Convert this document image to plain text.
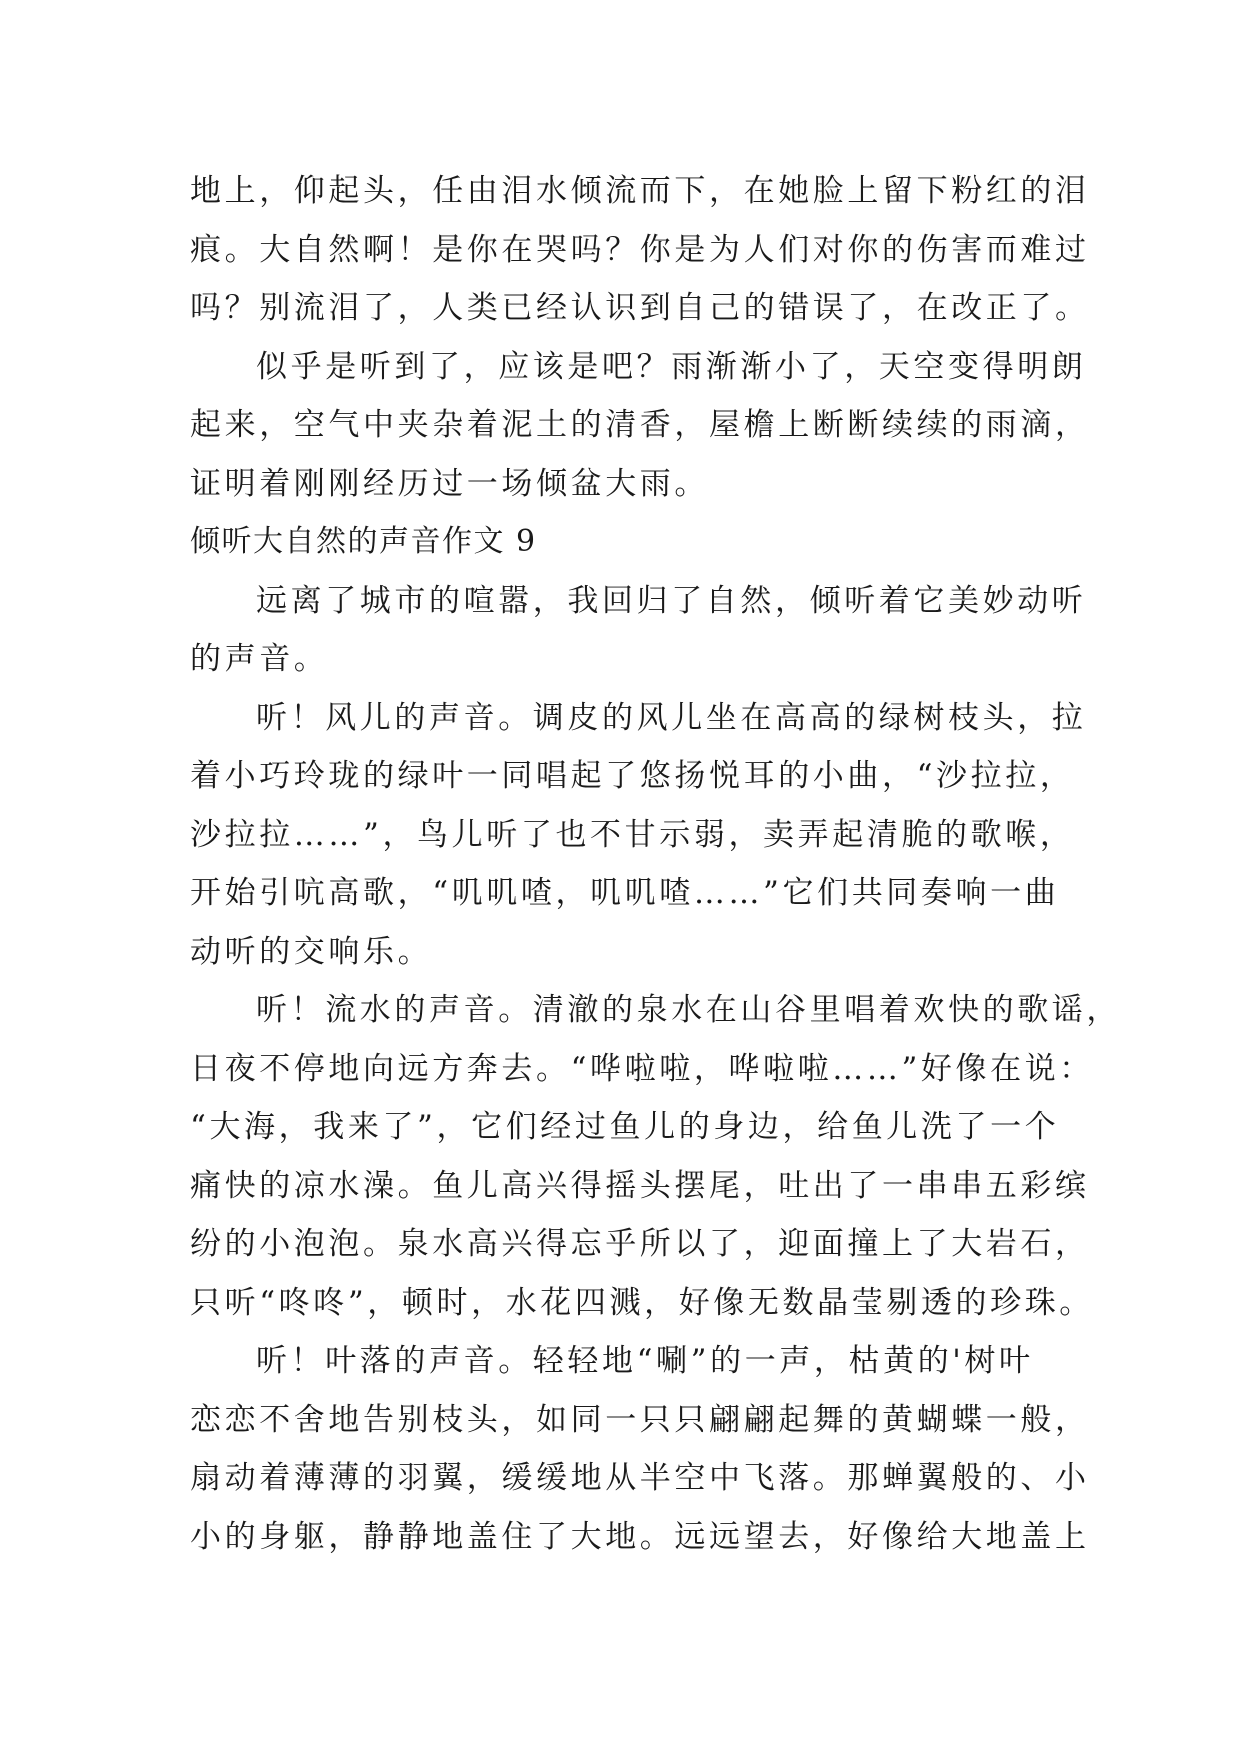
地上，仰起头，任由泪水倾流而下，在她脸上留下粉红的泪
痕。大自然啊！是你在哭吗？你是为人们对你的伤害而难过
吗？别流泪了，人类已经认识到自己的错误了，在改正了。
似乎是听到了，应该是吧？雨渐渐小了，天空变得明朗
起来，空气中夹杂着泥土的清香，屋檐上断断续续的雨滴，
证明着刚刚经历过一场倾盆大雨。
倾听大自然的声音作文 9
远离了城市的喧嚣，我回归了自然，倾听着它美妙动听
的声音。
听！风儿的声音。调皮的风儿坐在高高的绿树枝头，拉
着小巧玲珑的绿叶一同唱起了悠扬悦耳的小曲，“沙拉拉，
沙拉拉……”，鸟儿听了也不甘示弱，卖弄起清脆的歌喉，
开始引吭高歌，“叽叽喳，叽叽喳……”它们共同奏响一曲
动听的交响乐。
听！流水的声音。清澈的泉水在山谷里唱着欢快的歌谣，
日夜不停地向远方奔去。“哗啦啦，哗啦啦……”好像在说：
“大海，我来了”，它们经过鱼儿的身边，给鱼儿洗了一个
痛快的凉水澡。鱼儿高兴得摇头摆尾，吐出了一串串五彩缤
纷的小泡泡。泉水高兴得忘乎所以了，迎面撞上了大岩石，
只听“咚咚”，顿时，水花四溅，好像无数晶莹剔透的珍珠。
听！叶落的声音。轻轻地“唰”的一声，枯黄的'树叶
恋恋不舍地告别枝头，如同一只只翩翩起舞的黄蝴蝶一般，
扇动着薄薄的羽翼，缓缓地从半空中飞落。那蝉翼般的、小
小的身躯，静静地盖住了大地。远远望去，好像给大地盖上
